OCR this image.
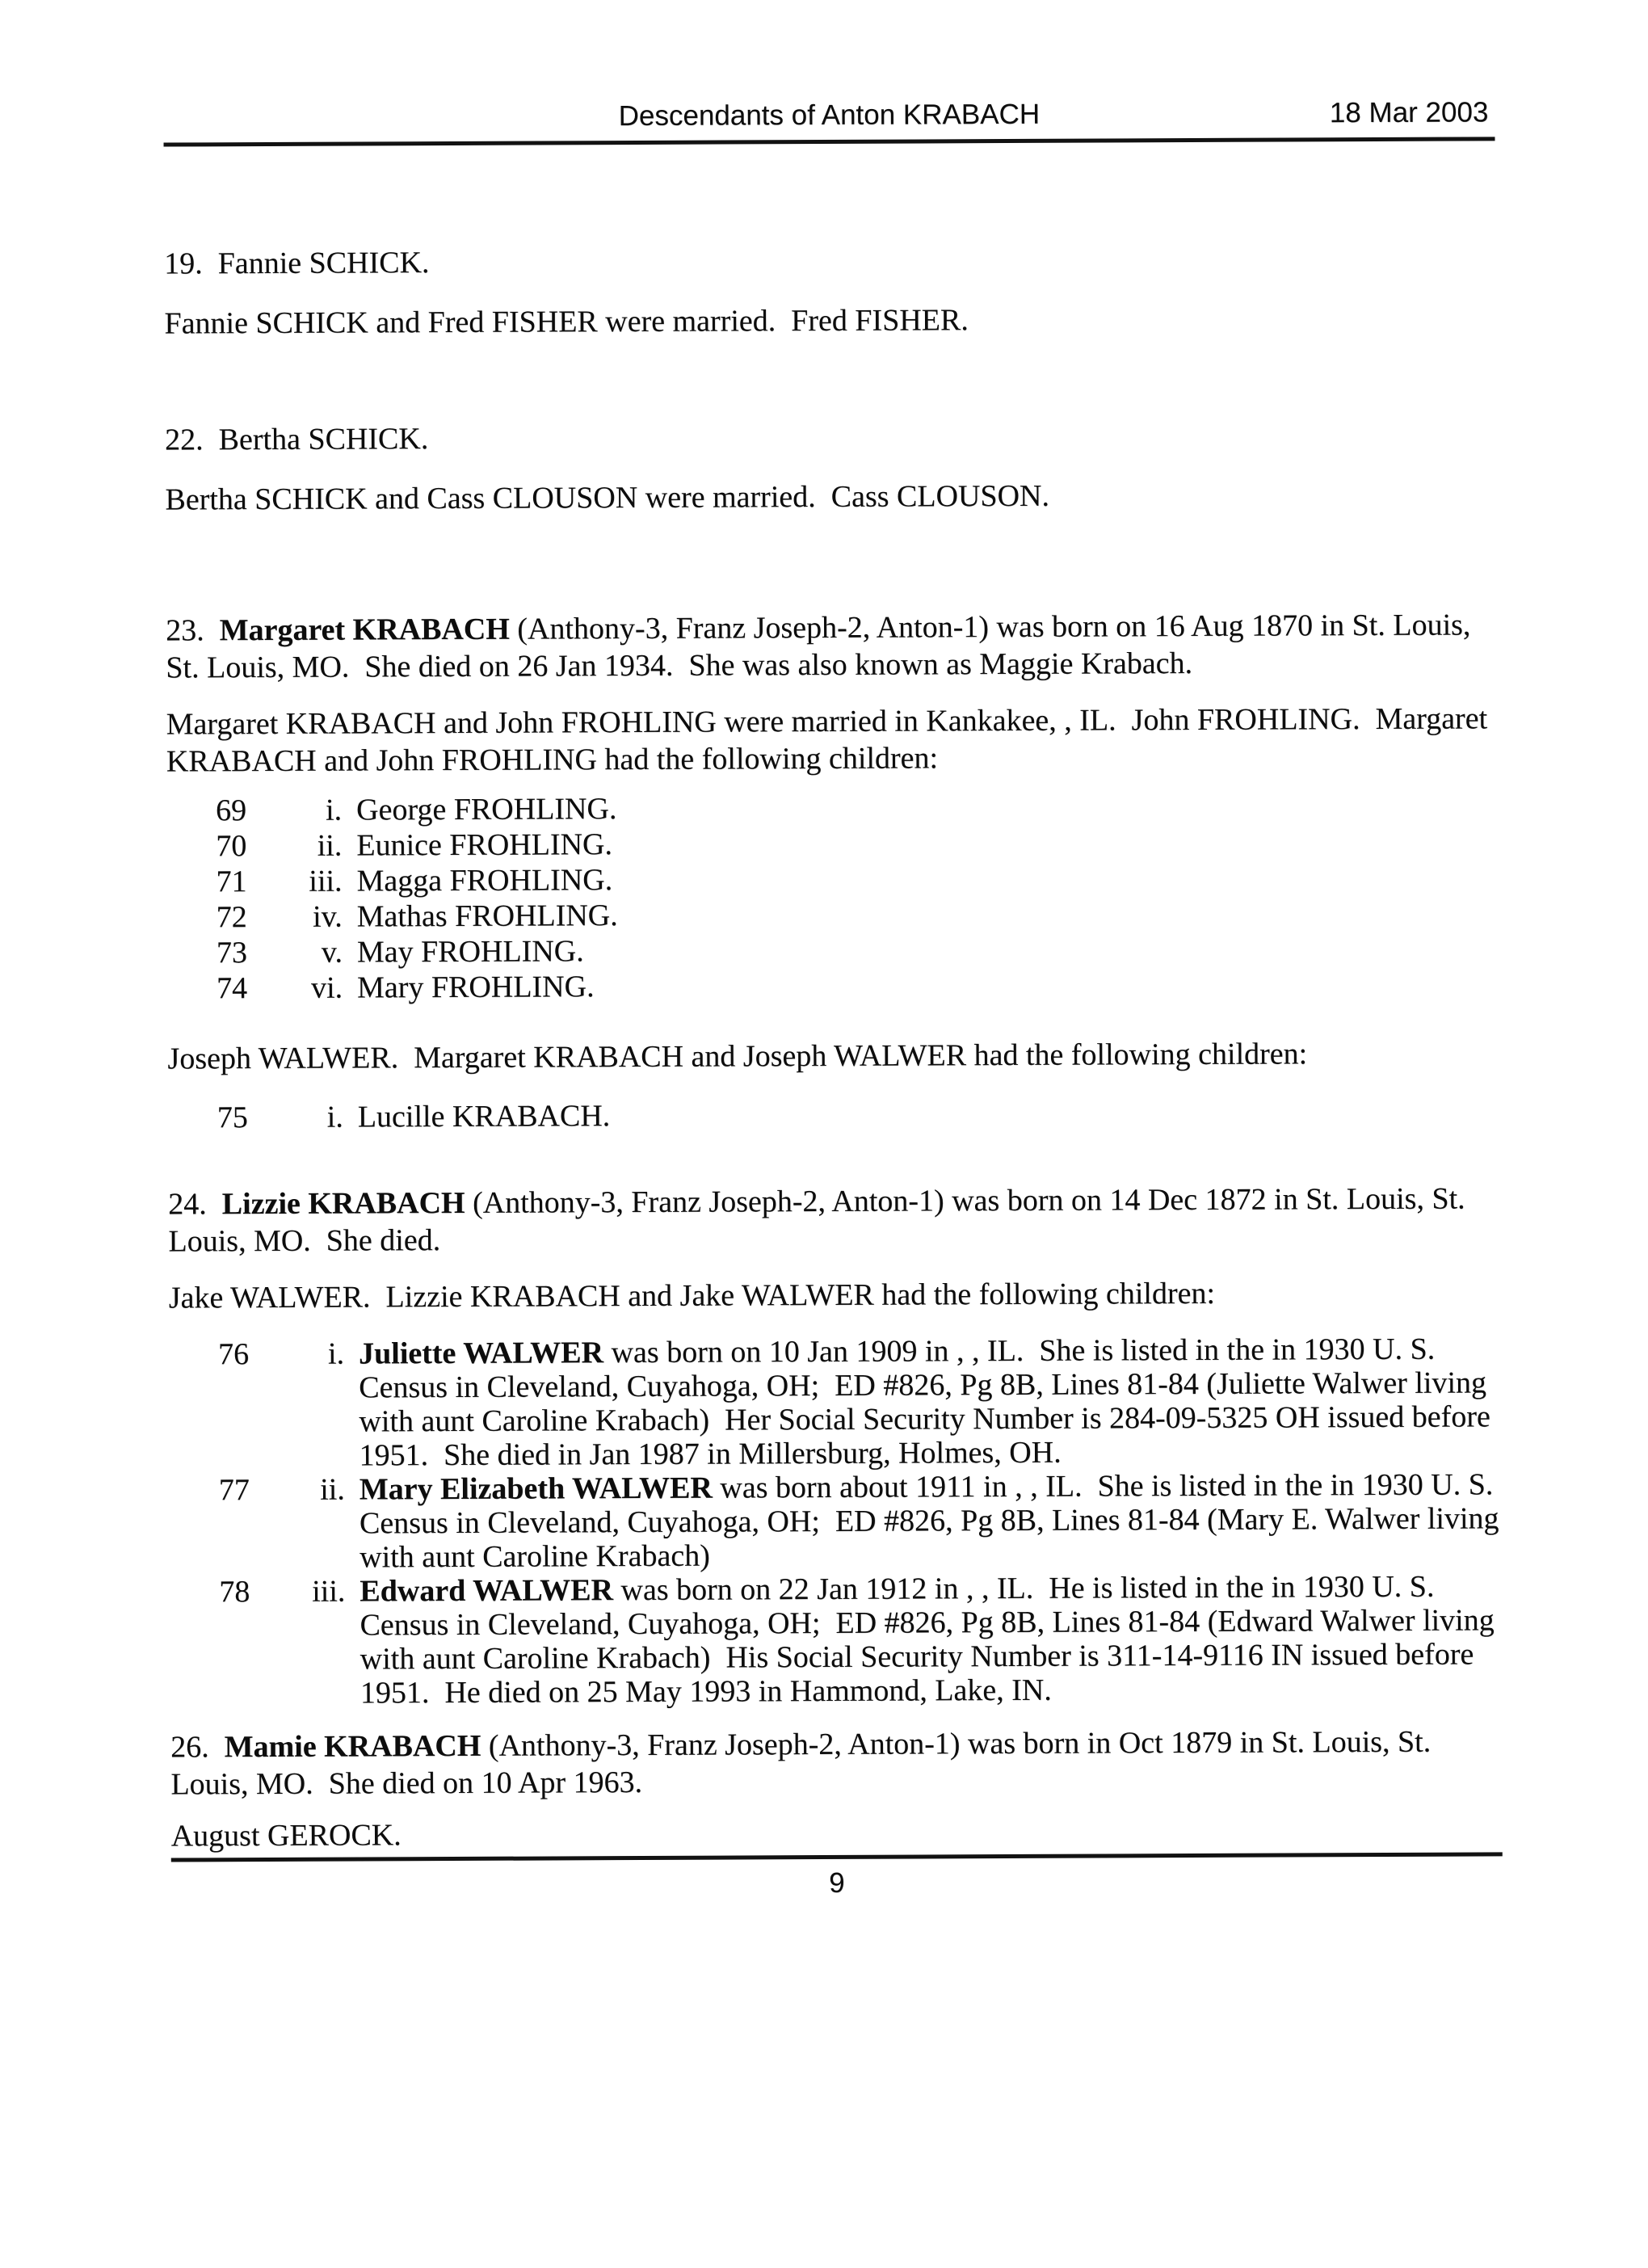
Descendants of Anton KRABACH	18 Mar 2003

19.  Fannie SCHICK.

Fannie SCHICK and Fred FISHER were married.  Fred FISHER.

22.  Bertha SCHICK.

Bertha SCHICK and Cass CLOUSON were married.  Cass CLOUSON.

23.  Margaret KRABACH (Anthony-3, Franz Joseph-2, Anton-1) was born on 16 Aug 1870 in St. Louis, St. Louis, MO.  She died on 26 Jan 1934.  She was also known as Maggie Krabach.

Margaret KRABACH and John FROHLING were married in Kankakee, , IL.  John FROHLING.  Margaret KRABACH and John FROHLING had the following children:

69	i. George FROHLING.
70	ii. Eunice FROHLING.
71	iii. Magga FROHLING.
72	iv. Mathas FROHLING.
73	v. May FROHLING.
74	vi. Mary FROHLING.

Joseph WALWER.  Margaret KRABACH and Joseph WALWER had the following children:

75	i. Lucille KRABACH.

24.  Lizzie KRABACH (Anthony-3, Franz Joseph-2, Anton-1) was born on 14 Dec 1872 in St. Louis, St. Louis, MO.  She died.

Jake WALWER.  Lizzie KRABACH and Jake WALWER had the following children:

76	i. Juliette WALWER was born on 10 Jan 1909 in , , IL.  She is listed in the in 1930 U. S. Census in Cleveland, Cuyahoga, OH;  ED #826, Pg 8B, Lines 81-84 (Juliette Walwer living with aunt Caroline Krabach)  Her Social Security Number is 284-09-5325 OH issued before 1951.  She died in Jan 1987 in Millersburg, Holmes, OH.
77	ii. Mary Elizabeth WALWER was born about 1911 in , , IL.  She is listed in the in 1930 U. S. Census in Cleveland, Cuyahoga, OH;  ED #826, Pg 8B, Lines 81-84 (Mary E. Walwer living with aunt Caroline Krabach)
78	iii. Edward WALWER was born on 22 Jan 1912 in , , IL.  He is listed in the in 1930 U. S. Census in Cleveland, Cuyahoga, OH;  ED #826, Pg 8B, Lines 81-84 (Edward Walwer living with aunt Caroline Krabach)  His Social Security Number is 311-14-9116 IN issued before 1951.  He died on 25 May 1993 in Hammond, Lake, IN.

26.  Mamie KRABACH (Anthony-3, Franz Joseph-2, Anton-1) was born in Oct 1879 in St. Louis, St. Louis, MO.  She died on 10 Apr 1963.

August GEROCK.

9
